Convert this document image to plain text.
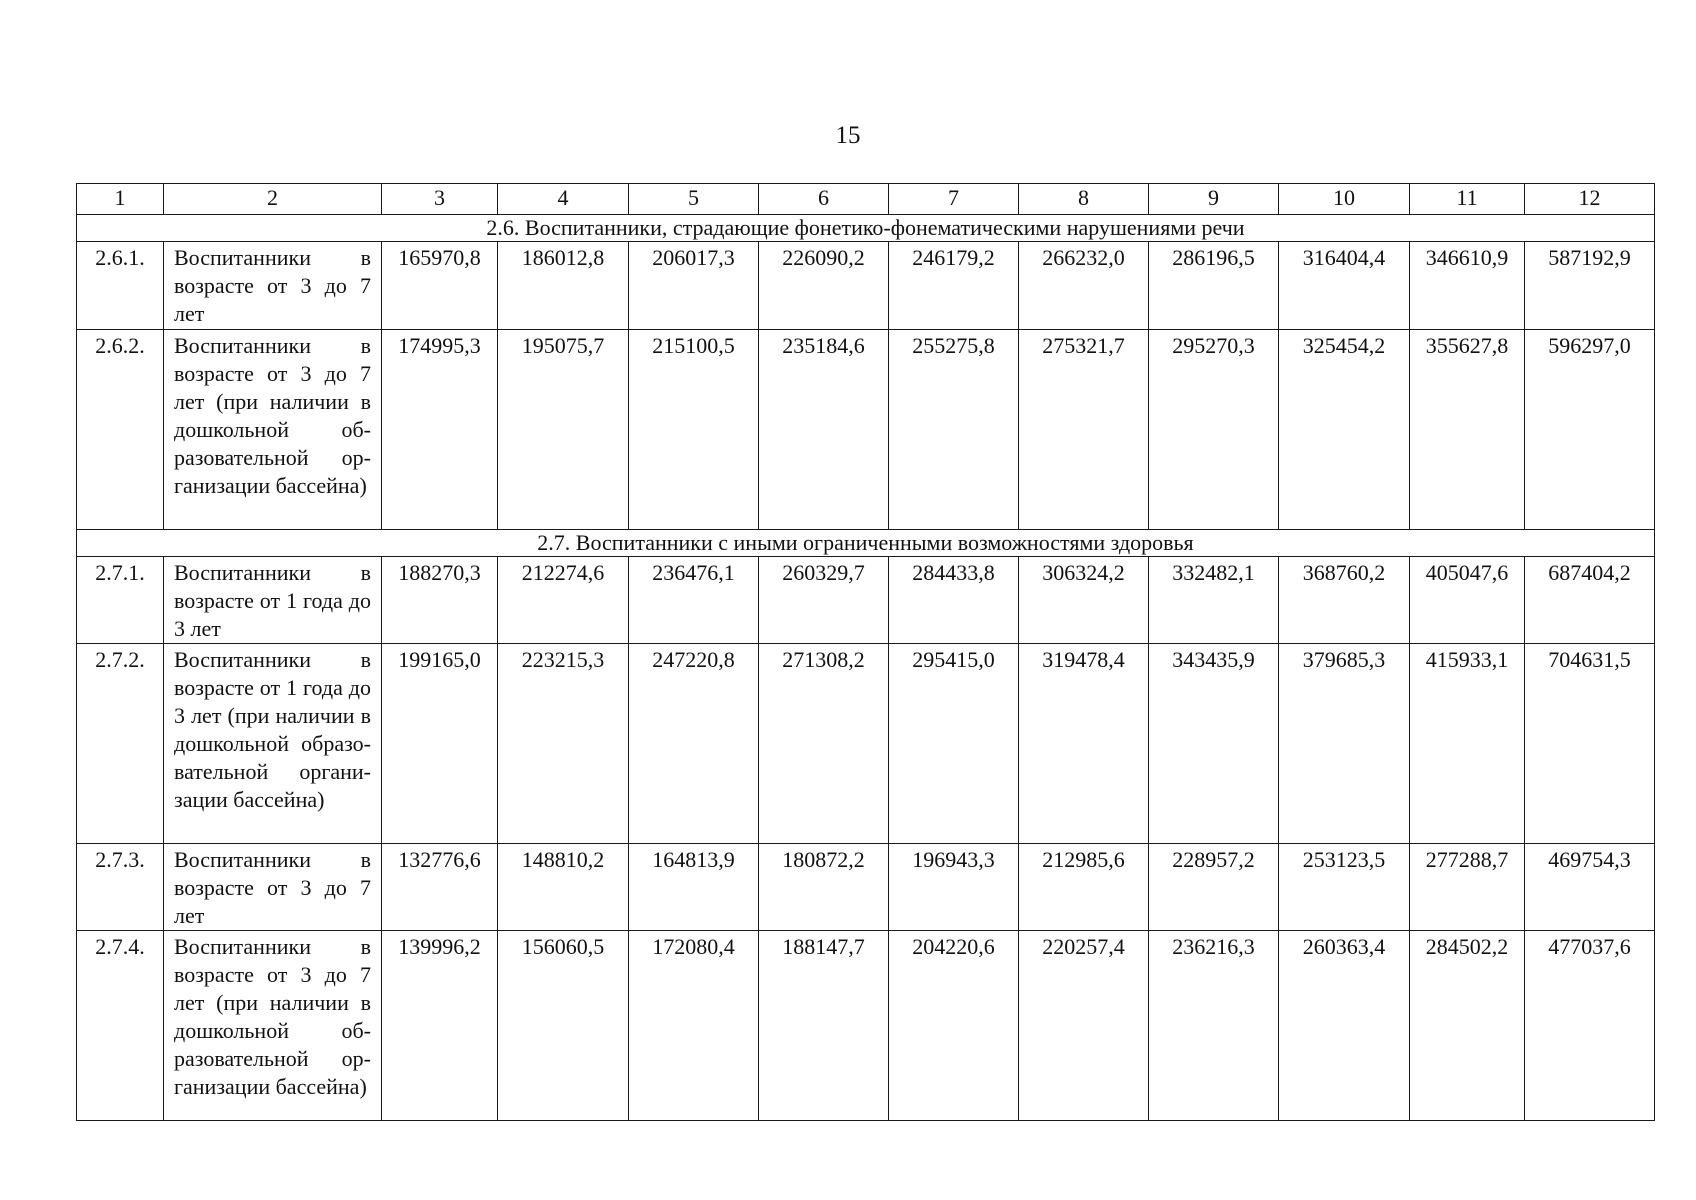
15
1	2	3	4	5	6	7	8	9	10	11	12
2.6. Воспитанники, страдающие фонетико-фонематическими нарушениями речи											
2.6.1.	Воспитанники в возрасте от 3 до 7 лет	165970,8	186012,8	206017,3	226090,2	246179,2	266232,0	286196,5	316404,4	346610,9	587192,9
2.6.2.	Воспитанники в возрасте от 3 до 7 лет (при наличии в дошкольной образовательной организации бассейна)	174995,3	195075,7	215100,5	235184,6	255275,8	275321,7	295270,3	325454,2	355627,8	596297,0
2.7. Воспитанники с иными ограниченными возможностями здоровья											
2.7.1.	Воспитанники в возрасте от 1 года до 3 лет	188270,3	212274,6	236476,1	260329,7	284433,8	306324,2	332482,1	368760,2	405047,6	687404,2
2.7.2.	Воспитанники в возрасте от 1 года до 3 лет (при наличии в дошкольной образовательной организации бассейна)	199165,0	223215,3	247220,8	271308,2	295415,0	319478,4	343435,9	379685,3	415933,1	704631,5
2.7.3.	Воспитанники в возрасте от 3 до 7 лет	132776,6	148810,2	164813,9	180872,2	196943,3	212985,6	228957,2	253123,5	277288,7	469754,3
2.7.4.	Воспитанники в возрасте от 3 до 7 лет (при наличии в дошкольной образовательной организации бассейна)	139996,2	156060,5	172080,4	188147,7	204220,6	220257,4	236216,3	260363,4	284502,2	477037,6
